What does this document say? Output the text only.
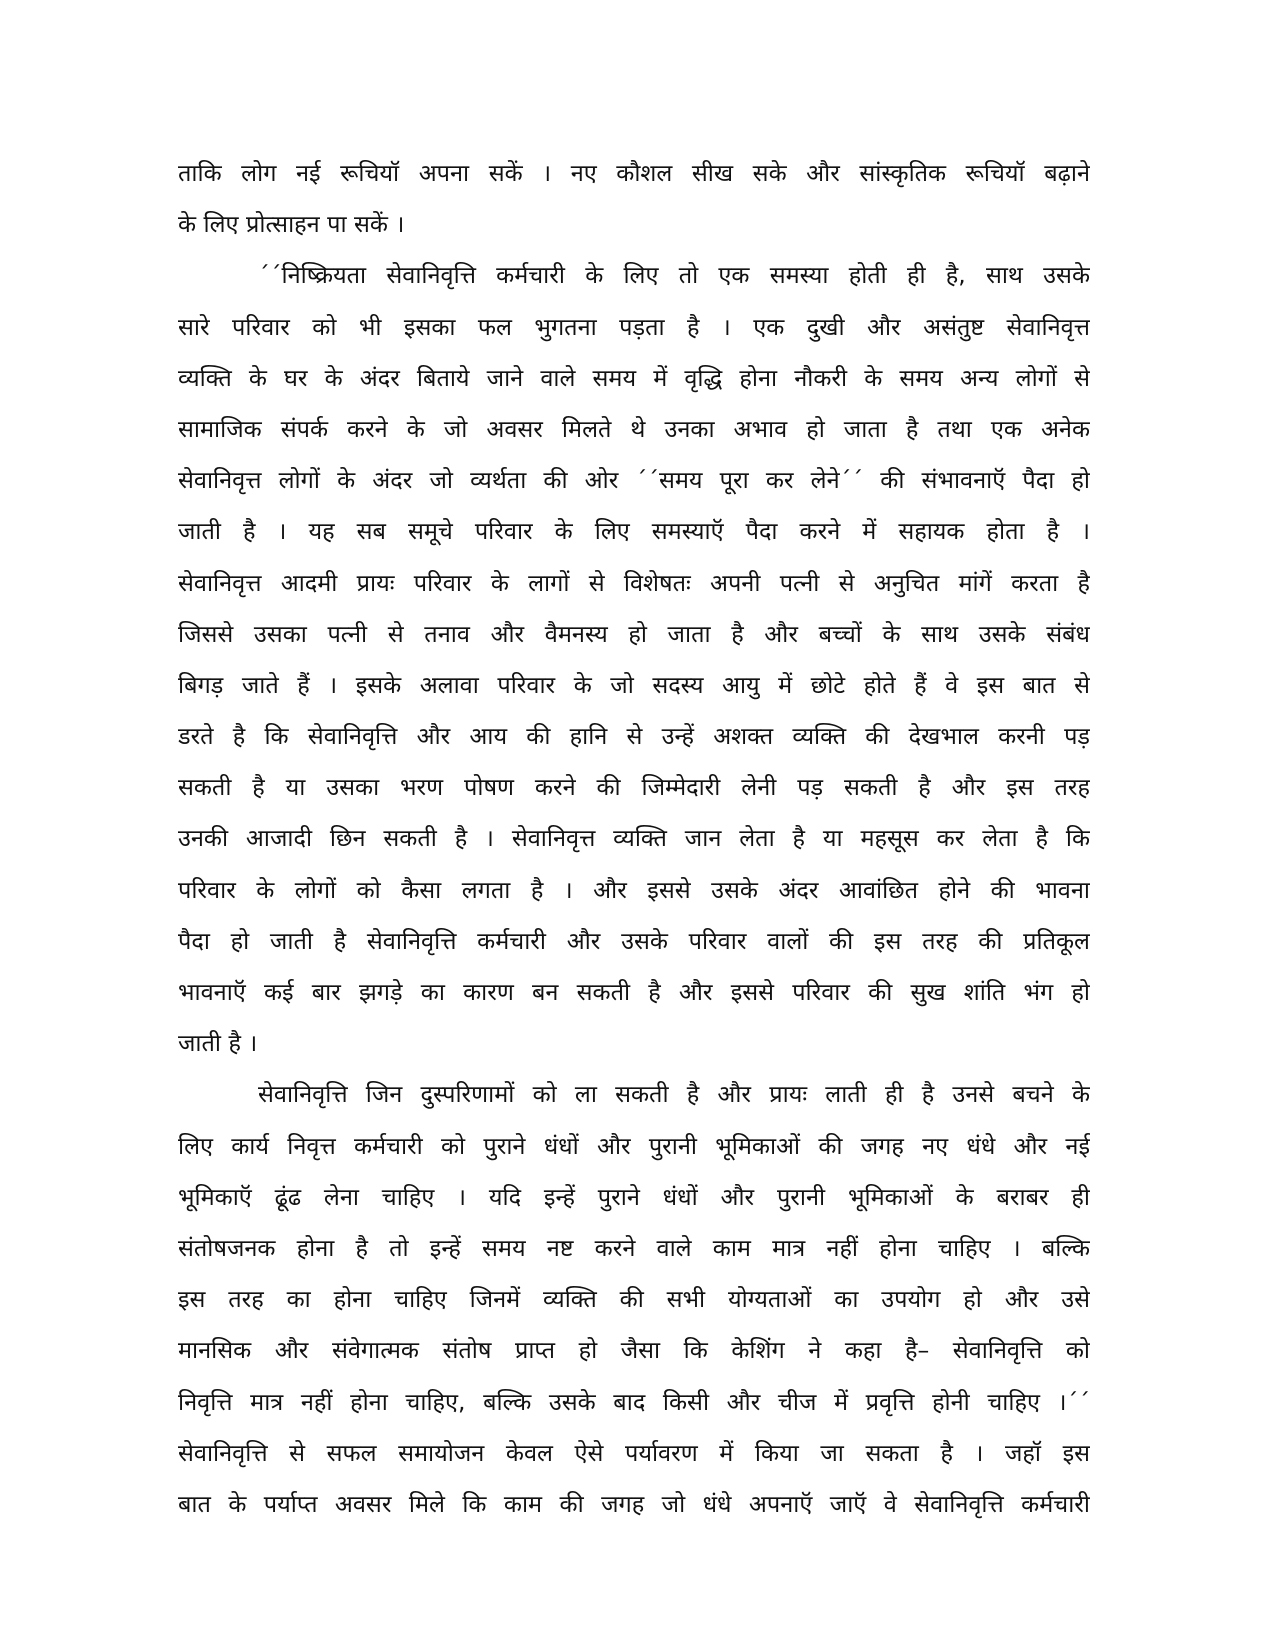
ताकि लोग नई रूचियॉ अपना सकें । नए कौशल सीख सके और सांस्कृतिक रूचियॉ बढ़ाने
के लिए प्रोत्साहन पा सकें ।
´´निष्क्रियता सेवानिवृत्ति कर्मचारी के लिए तो एक समस्या होती ही है, साथ उसके
सारे परिवार को भी इसका फल भुगतना पड़ता है । एक दुखी और असंतुष्ट सेवानिवृत्त
व्यक्ति के घर के अंदर बिताये जाने वाले समय में वृद्धि होना नौकरी के समय अन्य लोगों से
सामाजिक संपर्क करने के जो अवसर मिलते थे उनका अभाव हो जाता है तथा एक अनेक
सेवानिवृत्त लोगों के अंदर जो व्यर्थता की ओर ´´समय पूरा कर लेने´´ की संभावनाऍ पैदा हो
जाती है । यह सब समूचे परिवार के लिए समस्याऍ पैदा करने में सहायक होता है ।
सेवानिवृत्त आदमी प्रायः परिवार के लागों से विशेषतः अपनी पत्नी से अनुचित मांगें करता है
जिससे उसका पत्नी से तनाव और वैमनस्य हो जाता है और बच्चों के साथ उसके संबंध
बिगड़ जाते हैं । इसके अलावा परिवार के जो सदस्य आयु में छोटे होते हैं वे इस बात से
डरते है कि सेवानिवृत्ति और आय की हानि से उन्हें अशक्त व्यक्ति की देखभाल करनी पड़
सकती है या उसका भरण पोषण करने की जिम्मेदारी लेनी पड़ सकती है और इस तरह
उनकी आजादी छिन सकती है । सेवानिवृत्त व्यक्ति जान लेता है या महसूस कर लेता है कि
परिवार के लोगों को कैसा लगता है । और इससे उसके अंदर आवांछित होने की भावना
पैदा हो जाती है सेवानिवृत्ति कर्मचारी और उसके परिवार वालों की इस तरह की प्रतिकूल
भावनाऍ कई बार झगड़े का कारण बन सकती है और इससे परिवार की सुख शांति भंग हो
जाती है ।
सेवानिवृत्ति जिन दुस्परिणामों को ला सकती है और प्रायः लाती ही है उनसे बचने के
लिए कार्य निवृत्त कर्मचारी को पुराने धंधों और पुरानी भूमिकाओं की जगह नए धंधे और नई
भूमिकाऍ ढूंढ लेना चाहिए । यदि इन्हें पुराने धंधों और पुरानी भूमिकाओं के बराबर ही
संतोषजनक होना है तो इन्हें समय नष्ट करने वाले काम मात्र नहीं होना चाहिए । बल्कि
इस तरह का होना चाहिए जिनमें व्यक्ति की सभी योग्यताओं का उपयोग हो और उसे
मानसिक और संवेगात्मक संतोष प्राप्त हो जैसा कि केशिंग ने कहा है– सेवानिवृत्ति को
निवृत्ति मात्र नहीं होना चाहिए, बल्कि उसके बाद किसी और चीज में प्रवृत्ति होनी चाहिए ।´´
सेवानिवृत्ति से सफल समायोजन केवल ऐसे पर्यावरण में किया जा सकता है । जहॉ इस
बात के पर्याप्त अवसर मिले कि काम की जगह जो धंधे अपनाऍ जाऍ वे सेवानिवृत्ति कर्मचारी
